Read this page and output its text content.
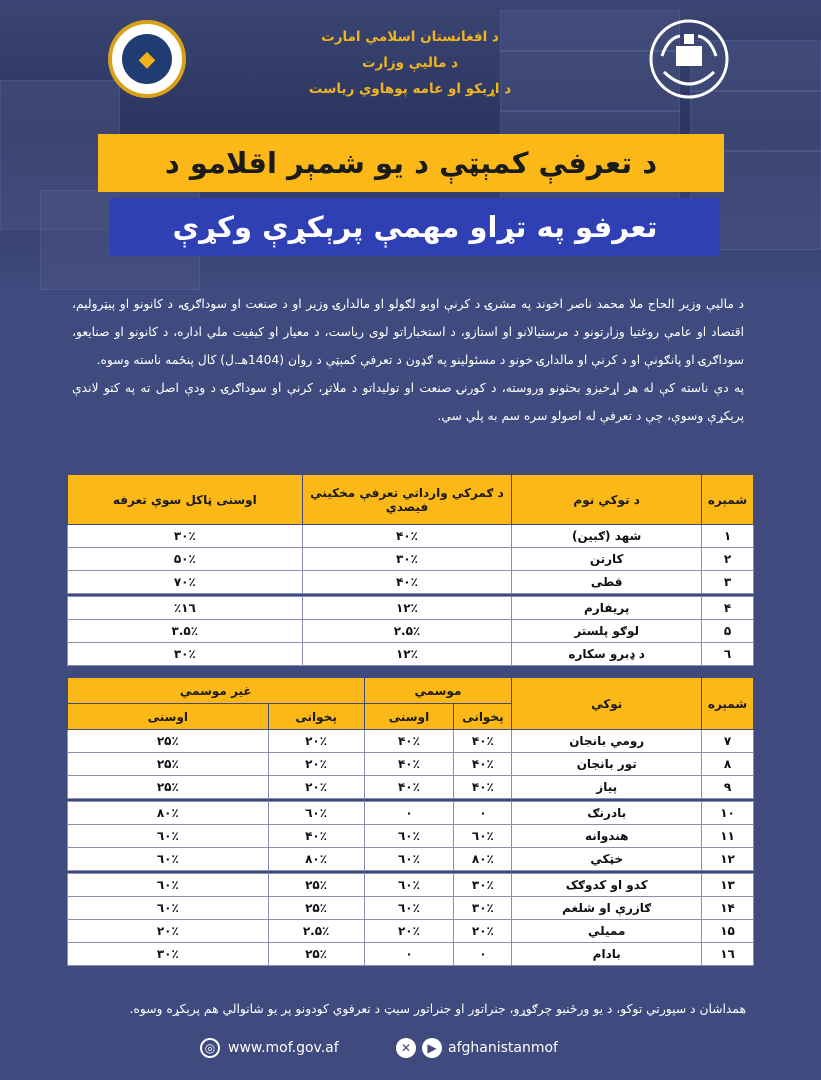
◆
د افغانستان اسلامي امارت
د ماليې وزارت
د اړيکو او عامه پوهاوي رياست
د تعرفې کمېټې د يو شمېر اقلامو د
تعرفو په تړاو مهمې پرېکړې وکړې

د ماليې وزير الحاج ملا محمد ناصر اخوند په مشرۍ د کرنې اوبو لګولو او مالدارۍ وزير او د صنعت او سوداګرۍ، د کانونو او پيټروليم، اقتصاد او عامې روغتيا وزارتونو د مرستيالانو او استازو، د استخباراتو لوی رياست، د معيار او کيفيت ملي اداره، د کانونو او صنايعو، سوداګرۍ او پانګونې او د کرنې او مالدارۍ خونو د مسئولينو په ګډون د تعرفې کمېټې د روان (1404هـ.ل) کال پنځمه ناسته وسوه.

په دې ناسته کې له هر اړخيزو بحثونو وروسته، د کورنۍ صنعت او توليداتو د ملاتړ، کرنې او سوداګرۍ د ودې اصل ته په کتو لاندې پرېکړې وسوې، چې د تعرفې له اصولو سره سم به پلي سي.

شمېره	د توکي نوم	د ګمرکي وارداتي تعرفې مخکيني فيصدي	اوسنی ټاکل سوې تعرفه
١	شهد (ګبين)	۴۰٪	۳۰٪
٢	کارتن	۳۰٪	۵۰٪
٣	قطی	۴۰٪	۷۰٪

۴	پريفارم	۱۲٪	۱٦٪
۵	لوګو پلستر	۲.۵٪	۳.۵٪
٦	د ډبرو سکاره	۱۲٪	۳۰٪
شمېره	توکي	موسمي		غير موسمي	
		پخوانی	اوسنی	پخوانی	اوسنی
٧	رومي بانجان	۴۰٪	۴۰٪	۲۰٪	۲۵٪
٨	تور بانجان	۴۰٪	۴۰٪	۲۰٪	۲۵٪
٩	پياز	۴۰٪	۴۰٪	۲۰٪	۲۵٪

١٠	بادرنګ	۰	۰	٦۰٪	۸۰٪
١١	هندوانه	٦۰٪	٦۰٪	۴۰٪	٦۰٪
١٢	خټکي	۸۰٪	٦۰٪	۸۰٪	٦۰٪

١٣	کدو او کدوګک	۳۰٪	٦۰٪	۲۵٪	٦۰٪
١۴	ګازرې او شلغم	۳۰٪	٦۰٪	۲۵٪	٦۰٪
١۵	مميلي	۲۰٪	۲۰٪	۲.۵٪	۲۰٪
١٦	بادام	۰	۰	۲۵٪	۳۰٪
همداشان د سپورتي توکو، د يو ورځنيو چرګوړو، جنراتور او جنراتور سيټ د تعرفوي کودونو پر يو شانوالي هم پرېکړه وسوه.
◎ www.mof.gov.af	✕	▶ afghanistanmof
